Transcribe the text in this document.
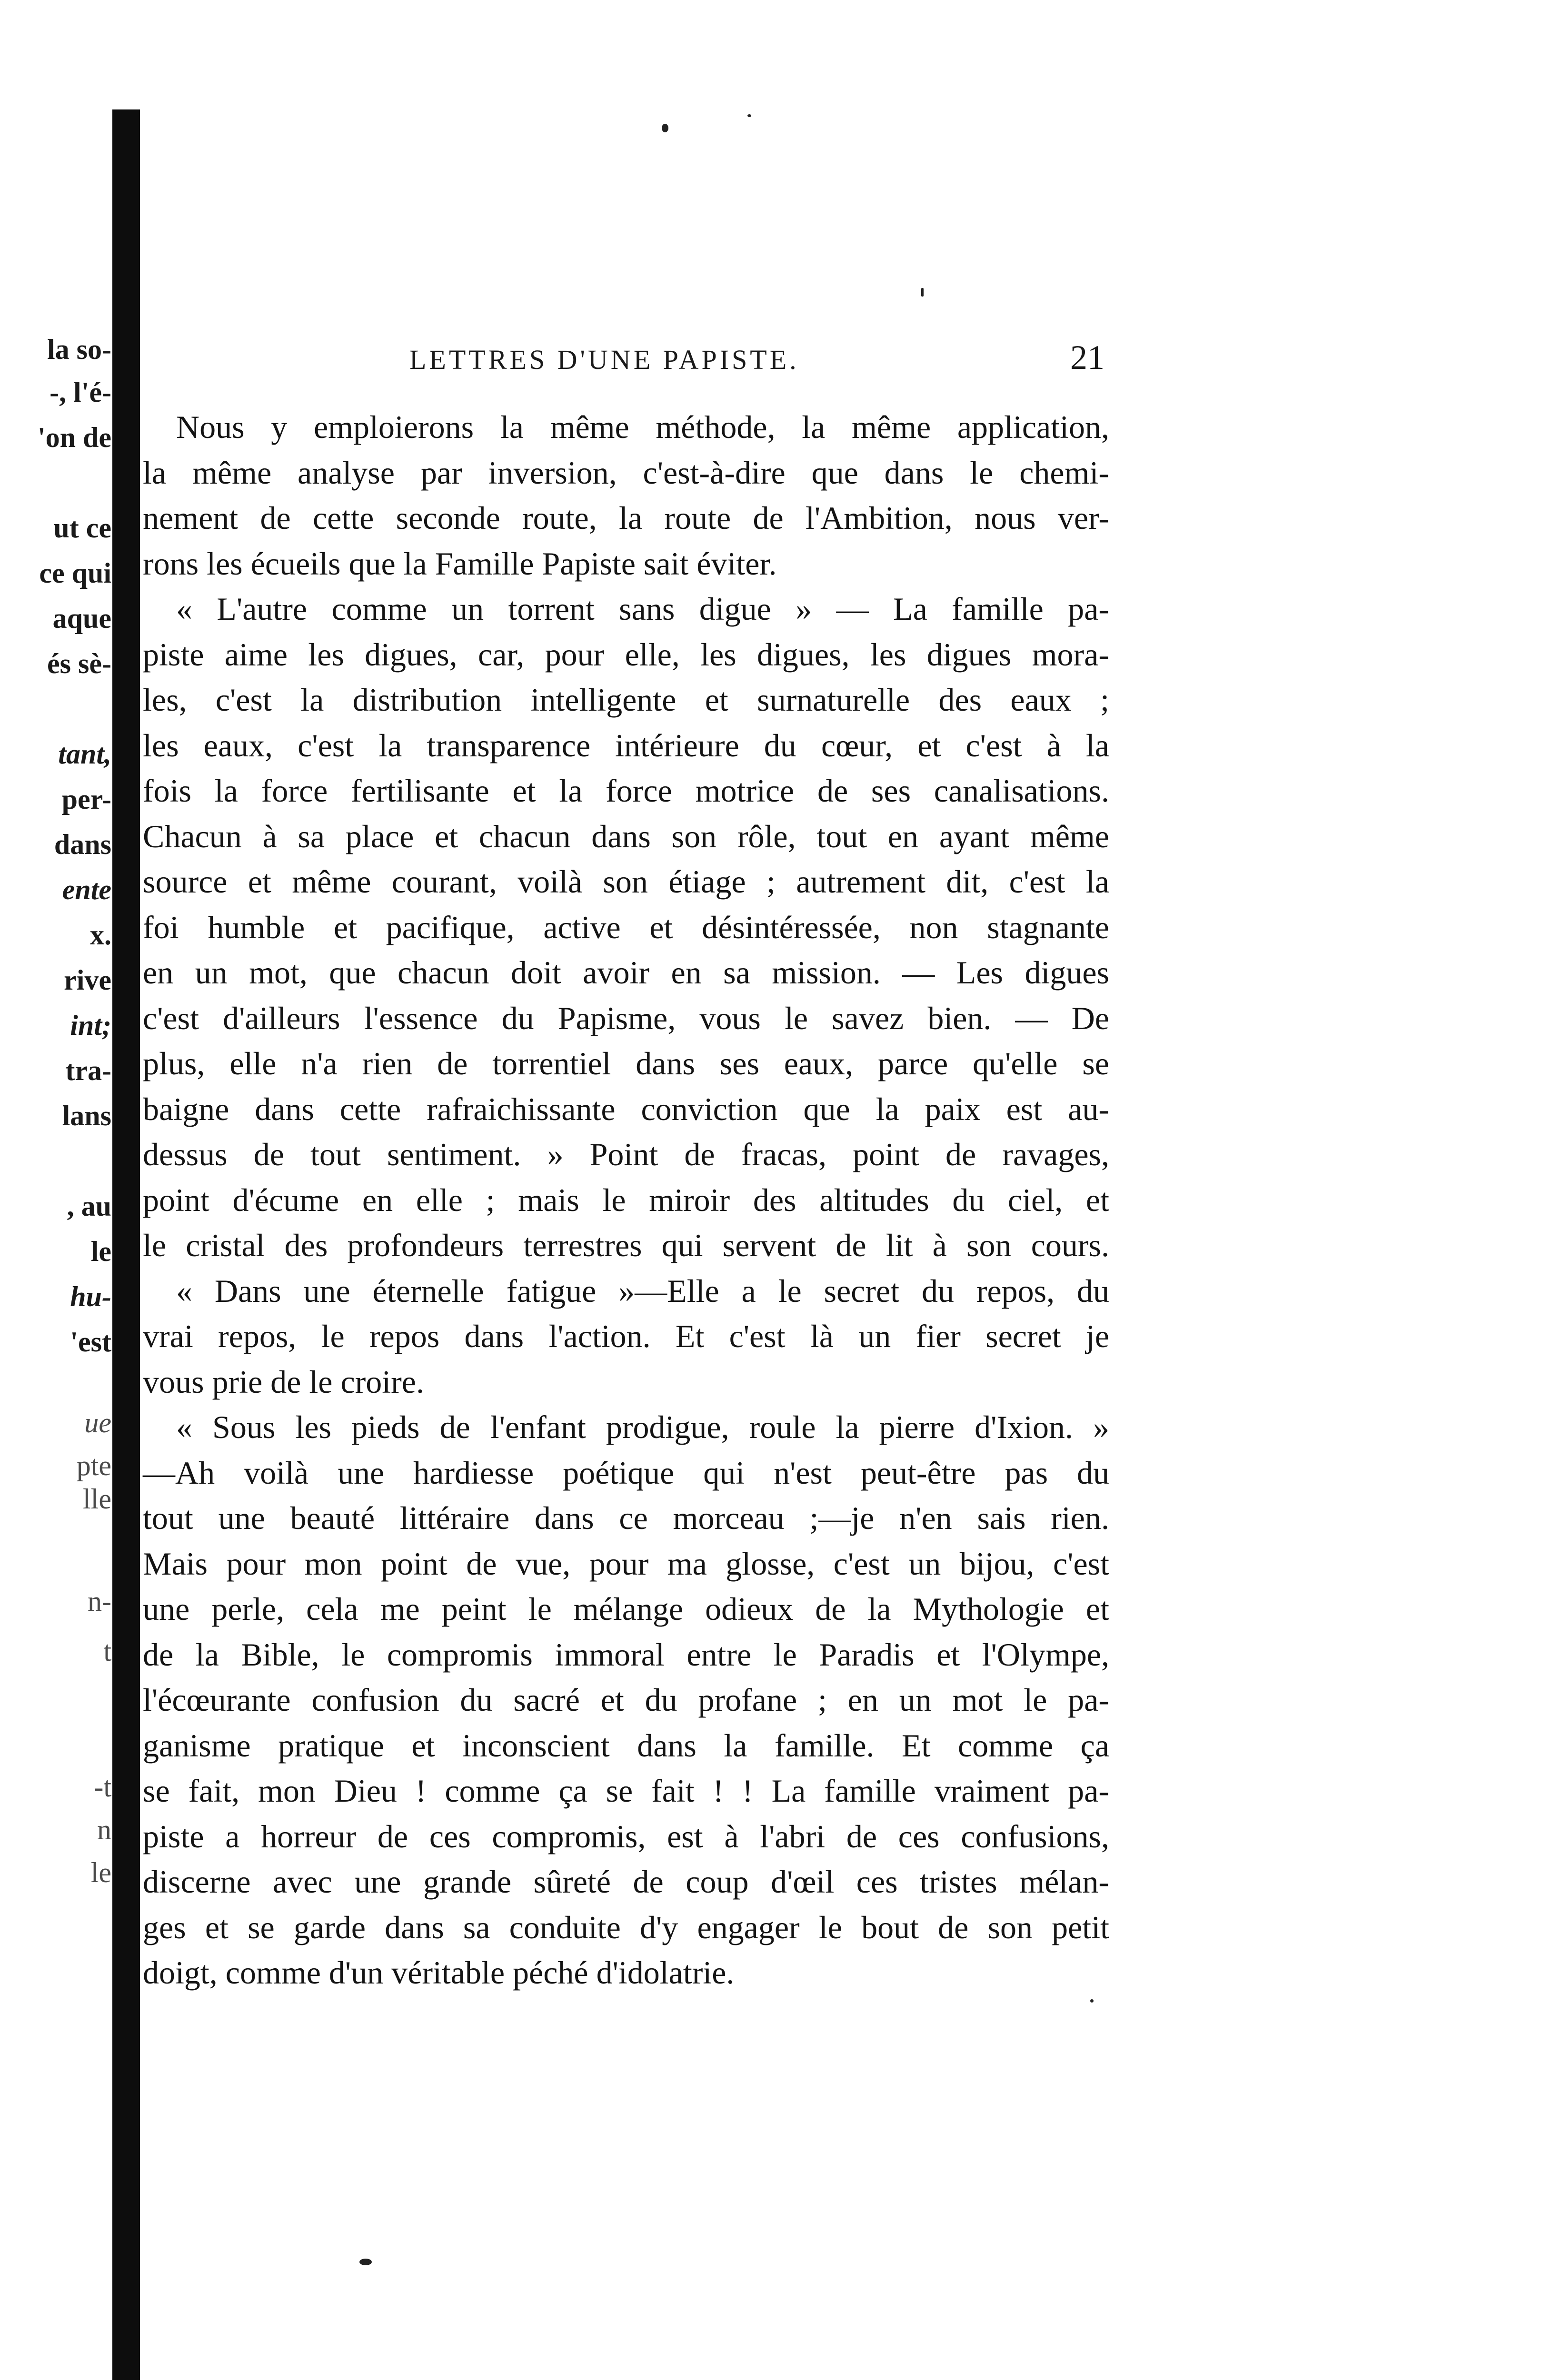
la so-
-, l'é-
'on de
ut ce
ce qui
aque
és sè-
tant,
per-
dans
ente
x.
rive
int;
tra-
lans
, au
le
hu-
'est
ue
pte
lle
n-
t
-t
n
le
LETTRES D'UNE PAPISTE.	21
Nous y emploierons la même méthode, la même application,
la même analyse par inversion, c'est-à-dire que dans le chemi-
nement de cette seconde route, la route de l'Ambition, nous ver-
rons les écueils que la Famille Papiste sait éviter.
« L'autre comme un torrent sans digue » — La famille pa-
piste aime les digues, car, pour elle, les digues, les digues mora-
les, c'est la distribution intelligente et surnaturelle des eaux ;
les eaux, c'est la transparence intérieure du cœur, et c'est à la
fois la force fertilisante et la force motrice de ses canalisations.
Chacun à sa place et chacun dans son rôle, tout en ayant même
source et même courant, voilà son étiage ; autrement dit, c'est la
foi humble et pacifique, active et désintéressée, non stagnante
en un mot, que chacun doit avoir en sa mission. — Les digues
c'est d'ailleurs l'essence du Papisme, vous le savez bien. — De
plus, elle n'a rien de torrentiel dans ses eaux, parce qu'elle se
baigne dans cette rafraichissante conviction que la paix est au-
dessus de tout sentiment. » Point de fracas, point de ravages,
point d'écume en elle ; mais le miroir des altitudes du ciel, et
le cristal des profondeurs terrestres qui servent de lit à son cours.
« Dans une éternelle fatigue »—Elle a le secret du repos, du
vrai repos, le repos dans l'action. Et c'est là un fier secret je
vous prie de le croire.
« Sous les pieds de l'enfant prodigue, roule la pierre d'Ixion. »
—Ah voilà une hardiesse poétique qui n'est peut-être pas du
tout une beauté littéraire dans ce morceau ;—je n'en sais rien.
Mais pour mon point de vue, pour ma glosse, c'est un bijou, c'est
une perle, cela me peint le mélange odieux de la Mythologie et
de la Bible, le compromis immoral entre le Paradis et l'Olympe,
l'écœurante confusion du sacré et du profane ; en un mot le pa-
ganisme pratique et inconscient dans la famille. Et comme ça
se fait, mon Dieu ! comme ça se fait ! ! La famille vraiment pa-
piste a horreur de ces compromis, est à l'abri de ces confusions,
discerne avec une grande sûreté de coup d'œil ces tristes mélan-
ges et se garde dans sa conduite d'y engager le bout de son petit
doigt, comme d'un véritable péché d'idolatrie.
